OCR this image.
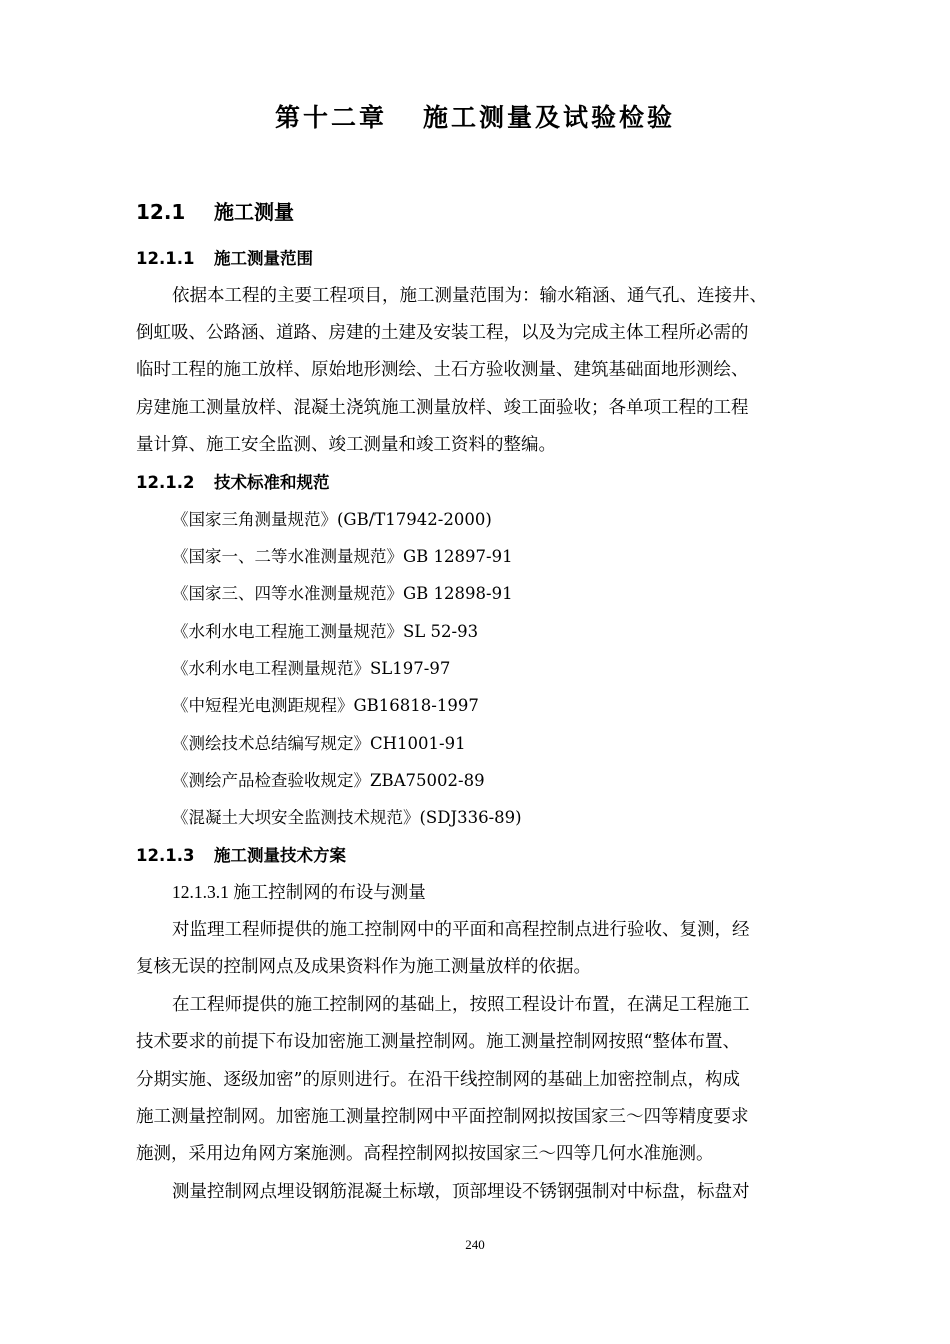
第十二章 施工测量及试验检验
12.1 施工测量
12.1.1 施工测量范围
依据本工程的主要工程项目，施工测量范围为：输水箱涵、通气孔、连接井、
倒虹吸、公路涵、道路、房建的土建及安装工程，以及为完成主体工程所必需的
临时工程的施工放样、原始地形测绘、土石方验收测量、建筑基础面地形测绘、
房建施工测量放样、混凝土浇筑施工测量放样、竣工面验收；各单项工程的工程
量计算、施工安全监测、竣工测量和竣工资料的整编。
12.1.2 技术标准和规范
《国家三角测量规范》(GB/T17942-2000)
《国家一、二等水准测量规范》GB 12897-91
《国家三、四等水准测量规范》GB 12898-91
《水利水电工程施工测量规范》SL 52-93
《水利水电工程测量规范》SL197-97
《中短程光电测距规程》GB16818-1997
《测绘技术总结编写规定》CH1001-91
《测绘产品检查验收规定》ZBA75002-89
《混凝土大坝安全监测技术规范》(SDJ336-89)
12.1.3 施工测量技术方案
12.1.3.1 施工控制网的布设与测量
对监理工程师提供的施工控制网中的平面和高程控制点进行验收、复测，经
复核无误的控制网点及成果资料作为施工测量放样的依据。
在工程师提供的施工控制网的基础上，按照工程设计布置，在满足工程施工
技术要求的前提下布设加密施工测量控制网。施工测量控制网按照“整体布置、
分期实施、逐级加密”的原则进行。在沿干线控制网的基础上加密控制点，构成
施工测量控制网。加密施工测量控制网中平面控制网拟按国家三～四等精度要求
施测，采用边角网方案施测。高程控制网拟按国家三～四等几何水准施测。
测量控制网点埋设钢筋混凝土标墩，顶部埋设不锈钢强制对中标盘，标盘对
240
